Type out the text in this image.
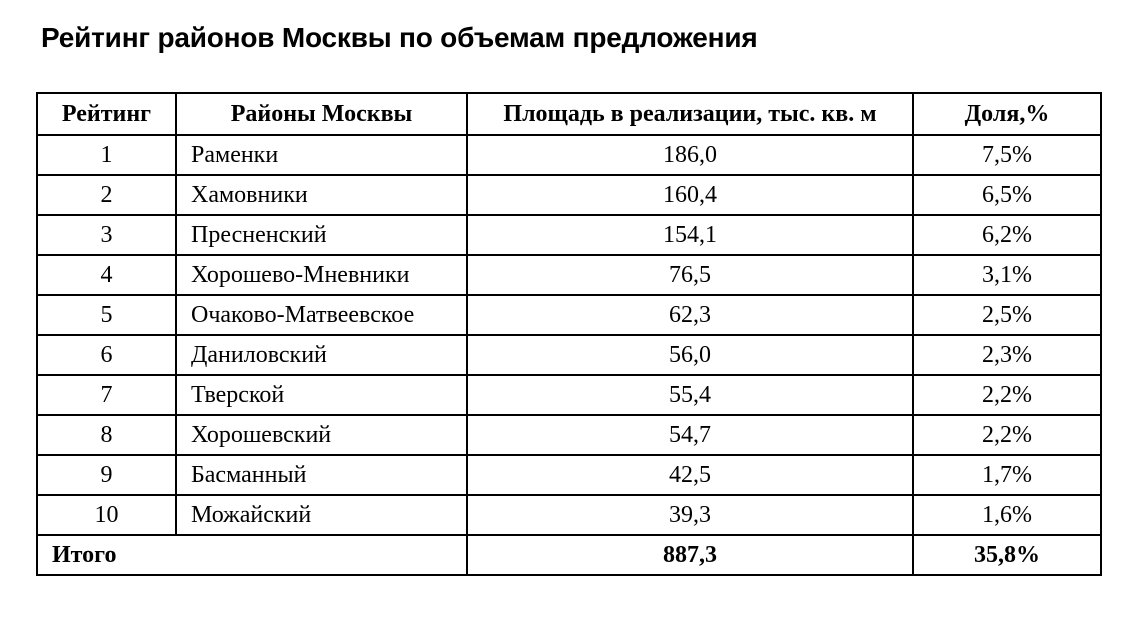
Рейтинг районов Москвы по объемам предложения
Рейтинг	Районы Москвы	Площадь в реализации, тыс. кв. м	Доля,%
1	Раменки	186,0	7,5%
2	Хамовники	160,4	6,5%
3	Пресненский	154,1	6,2%
4	Хорошево-Мневники	76,5	3,1%
5	Очаково-Матвеевское	62,3	2,5%
6	Даниловский	56,0	2,3%
7	Тверской	55,4	2,2%
8	Хорошевский	54,7	2,2%
9	Басманный	42,5	1,7%
10	Можайский	39,3	1,6%
Итого		887,3	35,8%
